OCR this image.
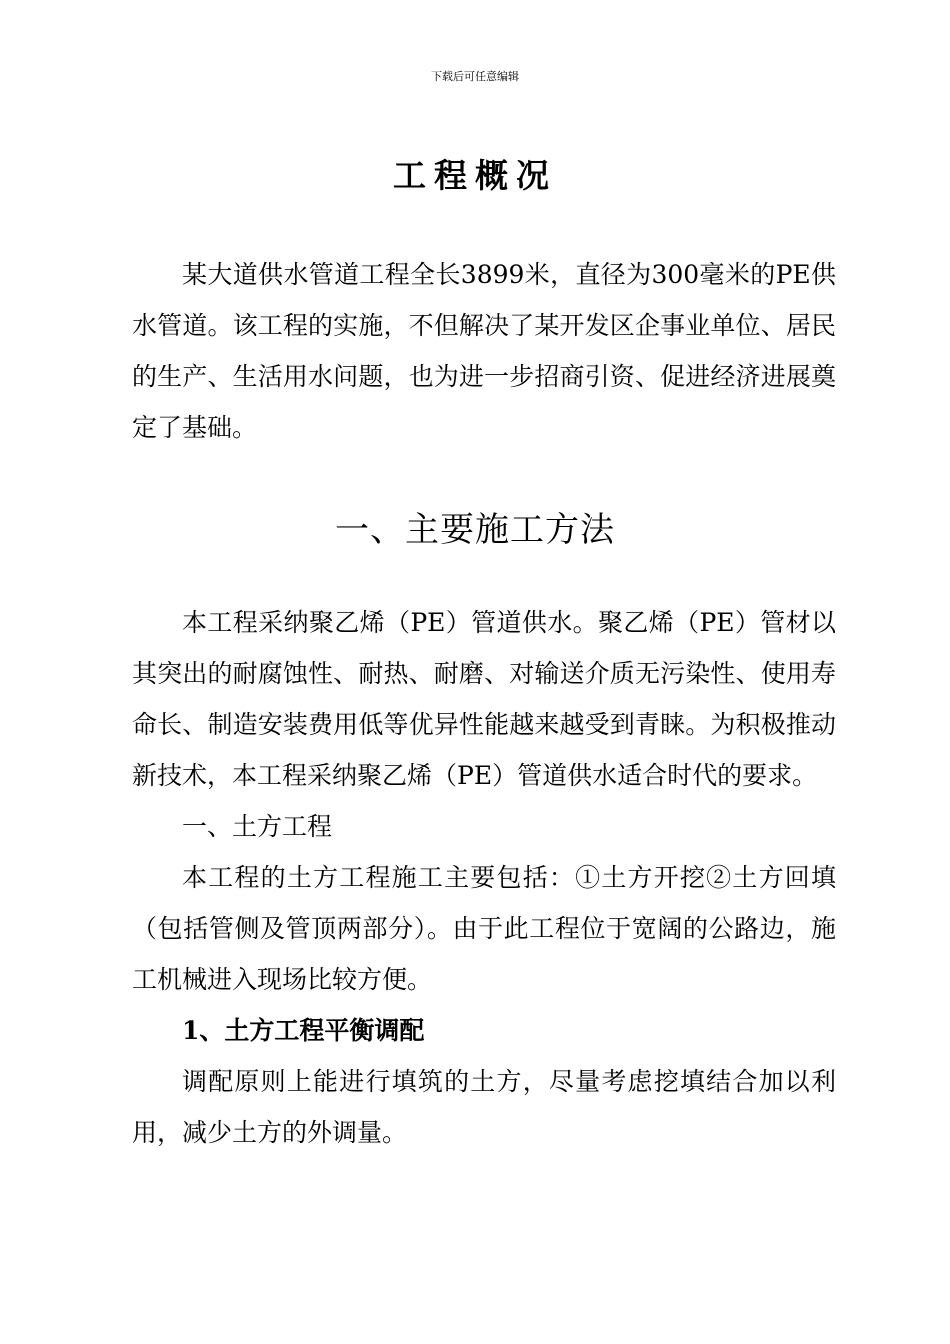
下载后可任意编辑
工程概况

某大道供水管道工程全长3899米，直径为300毫米的PE供水管道。该工程的实施，不但解决了某开发区企事业单位、居民的生产、生活用水问题，也为进一步招商引资、促进经济进展奠定了基础。

一、主要施工方法

本工程采纳聚乙烯（PE）管道供水。聚乙烯（PE）管材以其突出的耐腐蚀性、耐热、耐磨、对输送介质无污染性、使用寿命长、制造安装费用低等优异性能越来越受到青睐。为积极推动新技术，本工程采纳聚乙烯（PE）管道供水适合时代的要求。

一、土方工程

本工程的土方工程施工主要包括：①土方开挖②土方回填（包括管侧及管顶两部分）。由于此工程位于宽阔的公路边，施工机械进入现场比较方便。

1、土方工程平衡调配

调配原则上能进行填筑的土方，尽量考虑挖填结合加以利用，减少土方的外调量。
